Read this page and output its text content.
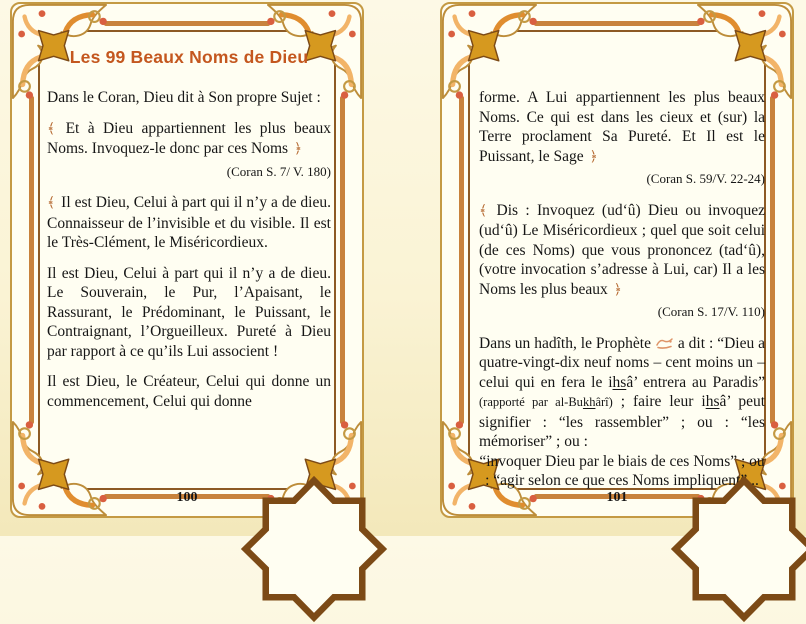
Les 99 Beaux Noms de Dieu

Dans le Coran, Dieu dit à Son propre Sujet :

﴾ Et à Dieu appartiennent les plus beaux Noms. Invoquez-le donc par ces Noms ﴿

(Coran S. 7/ V. 180)

﴾ Il est Dieu, Celui à part qui il n’y a de dieu. Connaisseur de l’invisible et du visible. Il est le Très-Clément, le Miséricordieux.

Il est Dieu, Celui à part qui il n’y a de dieu. Le Souverain, le Pur, l’Apaisant, le Rassurant, le Prédominant, le Puissant, le Contraignant, l’Orgueilleux. Pureté à Dieu par rapport à ce qu’ils Lui associent !

Il est Dieu, le Créateur, Celui qui donne un commencement, Celui qui donne

100

forme. A Lui appartiennent les plus beaux Noms. Ce qui est dans les cieux et (sur) la Terre proclament Sa Pureté. Et Il est le Puissant, le Sage ﴿

(Coran S. 59/V. 22-24)

﴾ Dis : Invoquez (ud‘û) Dieu ou invoquez (ud‘û) Le Miséricordieux ; quel que soit celui (de ces Noms) que vous prononcez (tad‘û), (votre invocation s’adresse à Lui, car) Il a les Noms les plus beaux ﴿

(Coran S. 17/V. 110)

Dans un hadîth, le Prophète  a dit : “Dieu a quatre-vingt-dix neuf noms – cent moins un – celui qui en fera le ihsâ’ entrera au Paradis” (rapporté par al-Bukhârî) ; faire leur ihsâ’ peut signifier : “les rassembler” ; ou : “les mémoriser” ; ou :

“invoquer Dieu par le biais de ces Noms” ; ou : “agir selon ce que ces Noms impliquent”...

101
